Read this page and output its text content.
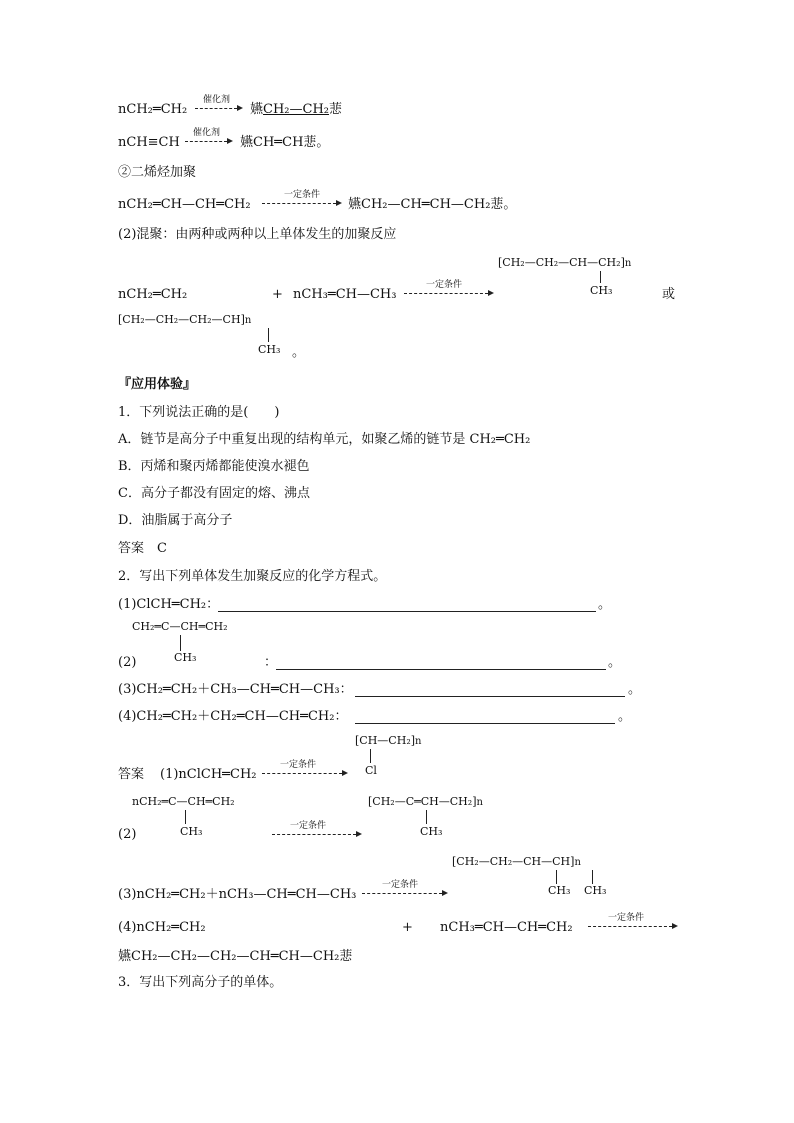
nCH₂═CH₂
催化剂
嬿CH₂—CH₂蕜
nCH≡CH
催化剂
嬿CH═CH蕜。
②二烯烃加聚
nCH₂═CH—CH═CH₂
一定条件
嬿CH₂—CH═CH—CH₂蕜。
(2)混聚：由两种或两种以上单体发生的加聚反应
nCH₂═CH₂	+ nCH₃═CH—CH₃
一定条件
[CH₂—CH₂—CH—CH₂]n
CH₃	或
[CH₂—CH₂—CH₂—CH]n
CH₃ 。
『应用体验』
1．下列说法正确的是(　　)
A．链节是高分子中重复出现的结构单元，如聚乙烯的链节是 CH₂═CH₂
B．丙烯和聚丙烯都能使溴水褪色
C．高分子都没有固定的熔、沸点
D．油脂属于高分子
答案　C
2．写出下列单体发生加聚反应的化学方程式。
(1)ClCH═CH₂：	。
CH₂═C—CH═CH₂
CH₃
(2)	：	。
(3)CH₂═CH₂＋CH₃—CH═CH—CH₃：	。
(4)CH₂═CH₂＋CH₂═CH—CH═CH₂：	。
[CH—CH₂]n
Cl
答案 (1)nClCH═CH₂
一定条件
nCH₂═C—CH═CH₂
CH₃
(2)
一定条件
[CH₂—C═CH—CH₂]n
CH₃
[CH₂—CH₂—CH—CH]n
CH₃ CH₃
(3)nCH₂═CH₂＋nCH₃—CH═CH—CH₃
一定条件
(4)nCH₂═CH₂	+ nCH₃═CH—CH═CH₂
一定条件
嬿CH₂—CH₂—CH₂—CH═CH—CH₂蕜
3．写出下列高分子的单体。
